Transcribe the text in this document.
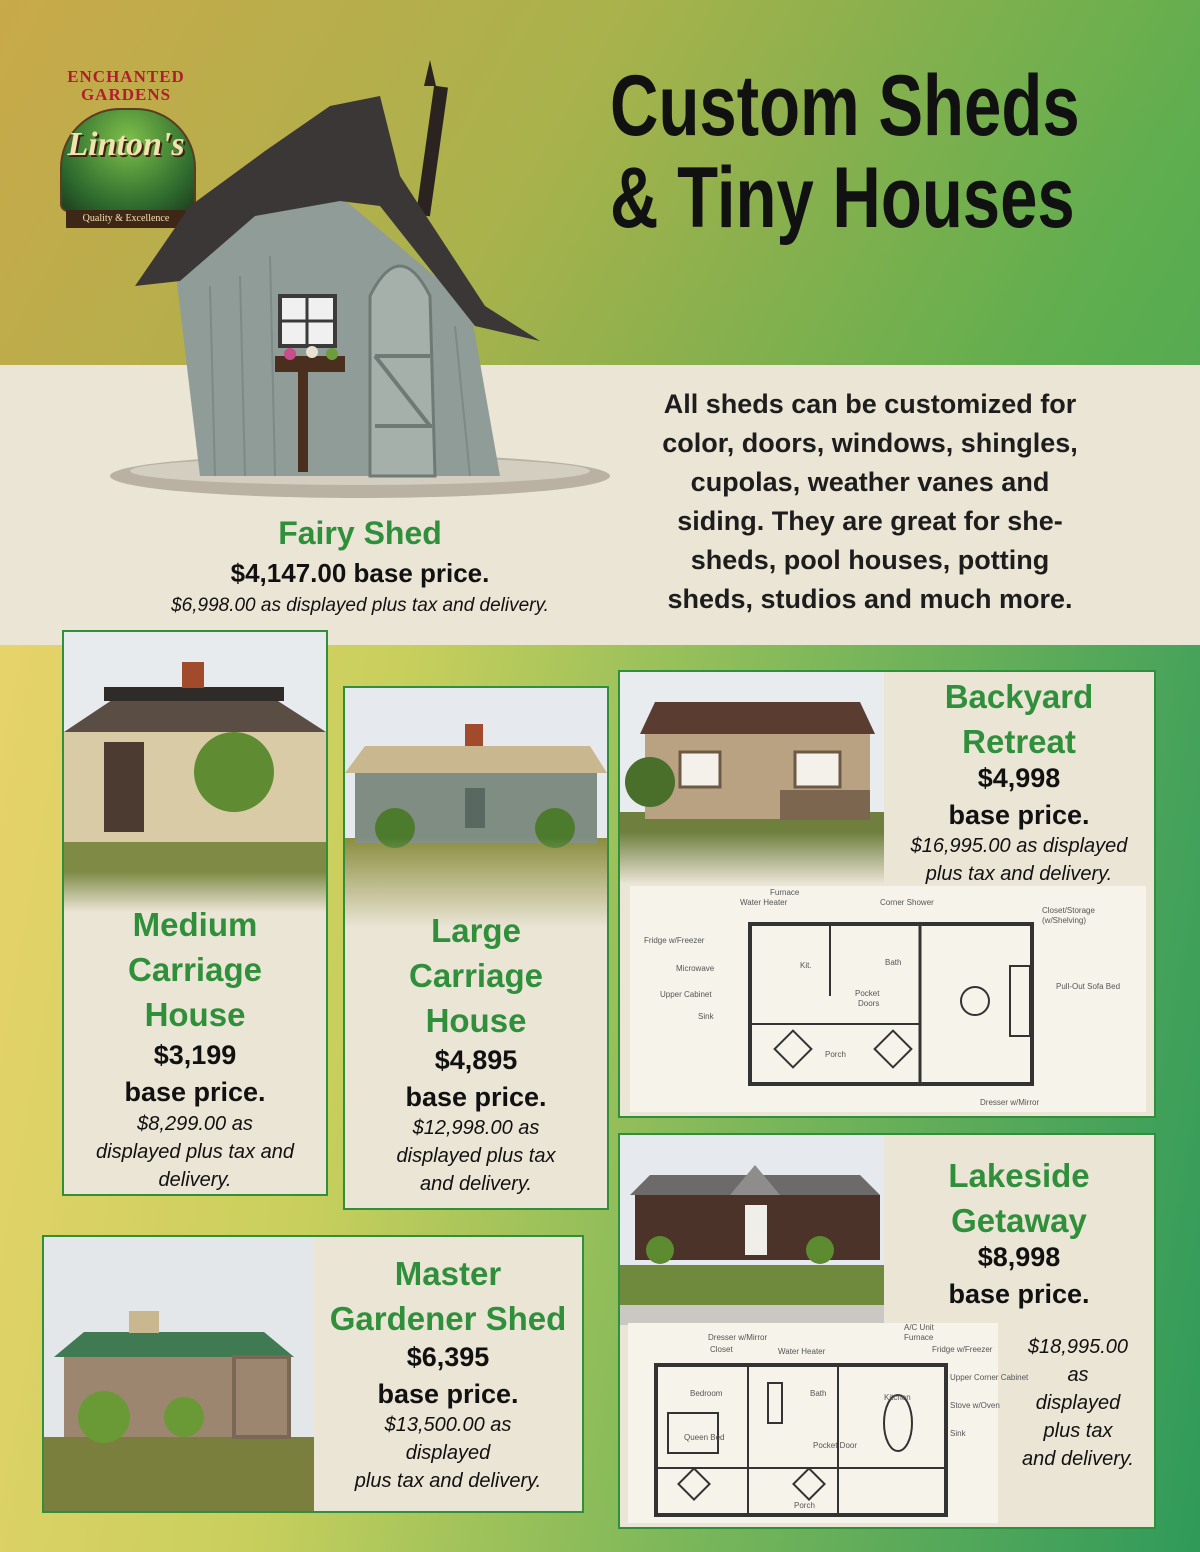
ENCHANTED
GARDENS
Linton's
Quality & Excellence
Custom Sheds
& Tiny Houses
All sheds can be customized for
color, doors, windows, shingles,
cupolas, weather vanes and
siding. They are great for she-
sheds, pool houses, potting
sheds, studios and much more.
Fairy Shed
$4,147.00 base price.
$6,998.00 as displayed plus tax and delivery.
Medium
Carriage
House
$3,199
base price.
$8,299.00 as
displayed plus tax and
delivery.
Large
Carriage
House
$4,895
base price.
$12,998.00 as
displayed plus tax
and delivery.
Backyard
Retreat
$4,998
base price.
$16,995.00 as displayed
plus tax and delivery.
Furnace
Water Heater	Corner Shower
Closet/Storage
(w/Shelving)
Fridge w/Freezer
Microwave
Upper Cabinet
Sink
Kit.	Bath
Pocket
Doors
Pull-Out Sofa Bed
Porch
Dresser w/Mirror
Master
Gardener Shed
$6,395
base price.
$13,500.00 as
displayed
plus tax and delivery.
Lakeside
Getaway
$8,998
base price.
$18,995.00
as
displayed
plus tax
and delivery.
Dresser w/Mirror
Closet	Water Heater
A/C Unit
Furnace
Fridge w/Freezer
Upper Corner Cabinet
Stove w/Oven
Sink
Bedroom	Bath	Kitchen
Queen Bed
Pocket Door
Porch
